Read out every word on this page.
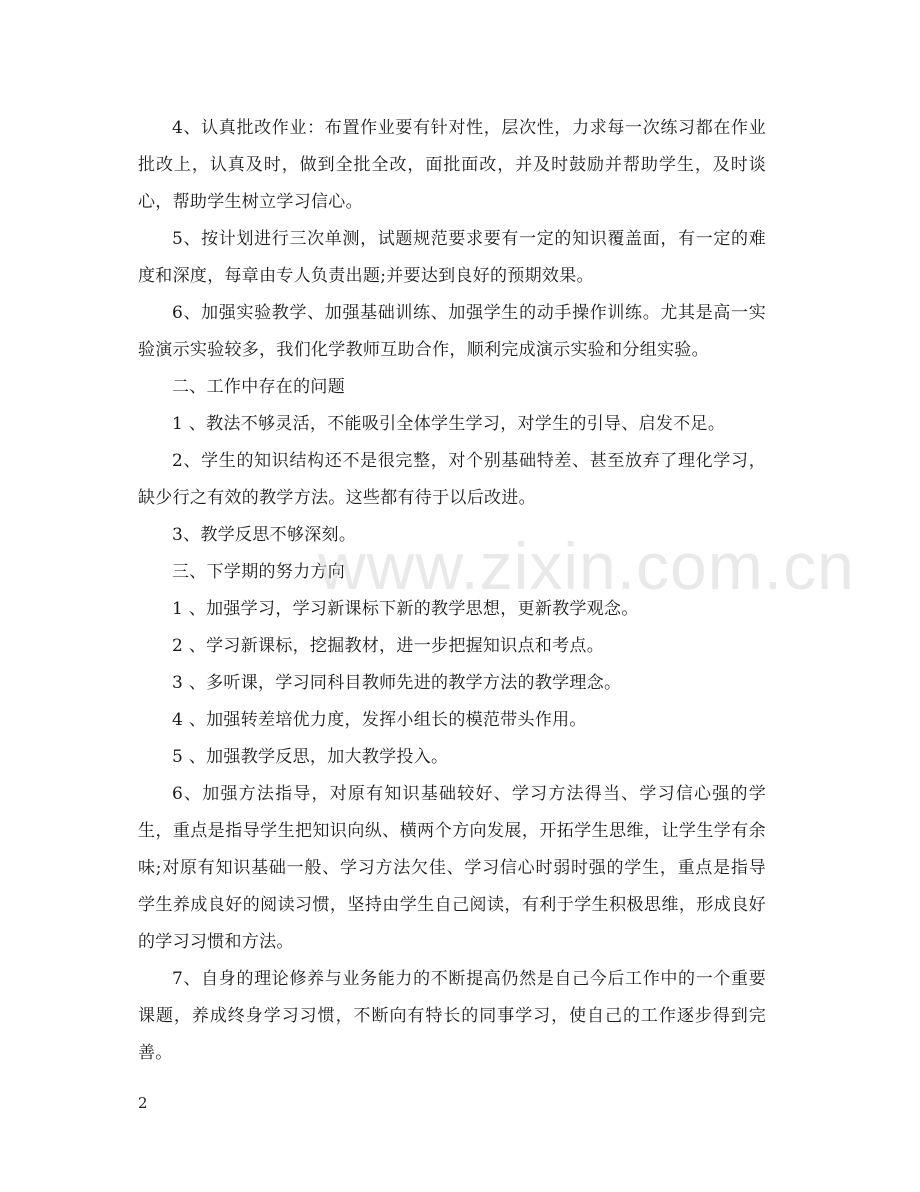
4、认真批改作业：布置作业要有针对性，层次性，力求每一次练习都在作业批改上，认真及时，做到全批全改，面批面改，并及时鼓励并帮助学生，及时谈心，帮助学生树立学习信心。

5、按计划进行三次单测，试题规范要求要有一定的知识覆盖面，有一定的难度和深度，每章由专人负责出题;并要达到良好的预期效果。

6、加强实验教学、加强基础训练、加强学生的动手操作训练。尤其是高一实验演示实验较多，我们化学教师互助合作，顺利完成演示实验和分组实验。

二、工作中存在的问题

1 、教法不够灵活，不能吸引全体学生学习，对学生的引导、启发不足。

2、学生的知识结构还不是很完整，对个别基础特差、甚至放弃了理化学习，缺少行之有效的教学方法。这些都有待于以后改进。

3、教学反思不够深刻。

三、下学期的努力方向

1 、加强学习，学习新课标下新的教学思想，更新教学观念。

2 、学习新课标，挖掘教材，进一步把握知识点和考点。

3 、多听课，学习同科目教师先进的教学方法的教学理念。

4 、加强转差培优力度，发挥小组长的模范带头作用。

5 、加强教学反思，加大教学投入。

6、加强方法指导，对原有知识基础较好、学习方法得当、学习信心强的学生，重点是指导学生把知识向纵、横两个方向发展，开拓学生思维，让学生学有余味;对原有知识基础一般、学习方法欠佳、学习信心时弱时强的学生，重点是指导学生养成良好的阅读习惯，坚持由学生自己阅读，有利于学生积极思维，形成良好的学习习惯和方法。

7、自身的理论修养与业务能力的不断提高仍然是自己今后工作中的一个重要课题，养成终身学习习惯，不断向有特长的同事学习，使自己的工作逐步得到完善。

www.zixin.com.cn
2
